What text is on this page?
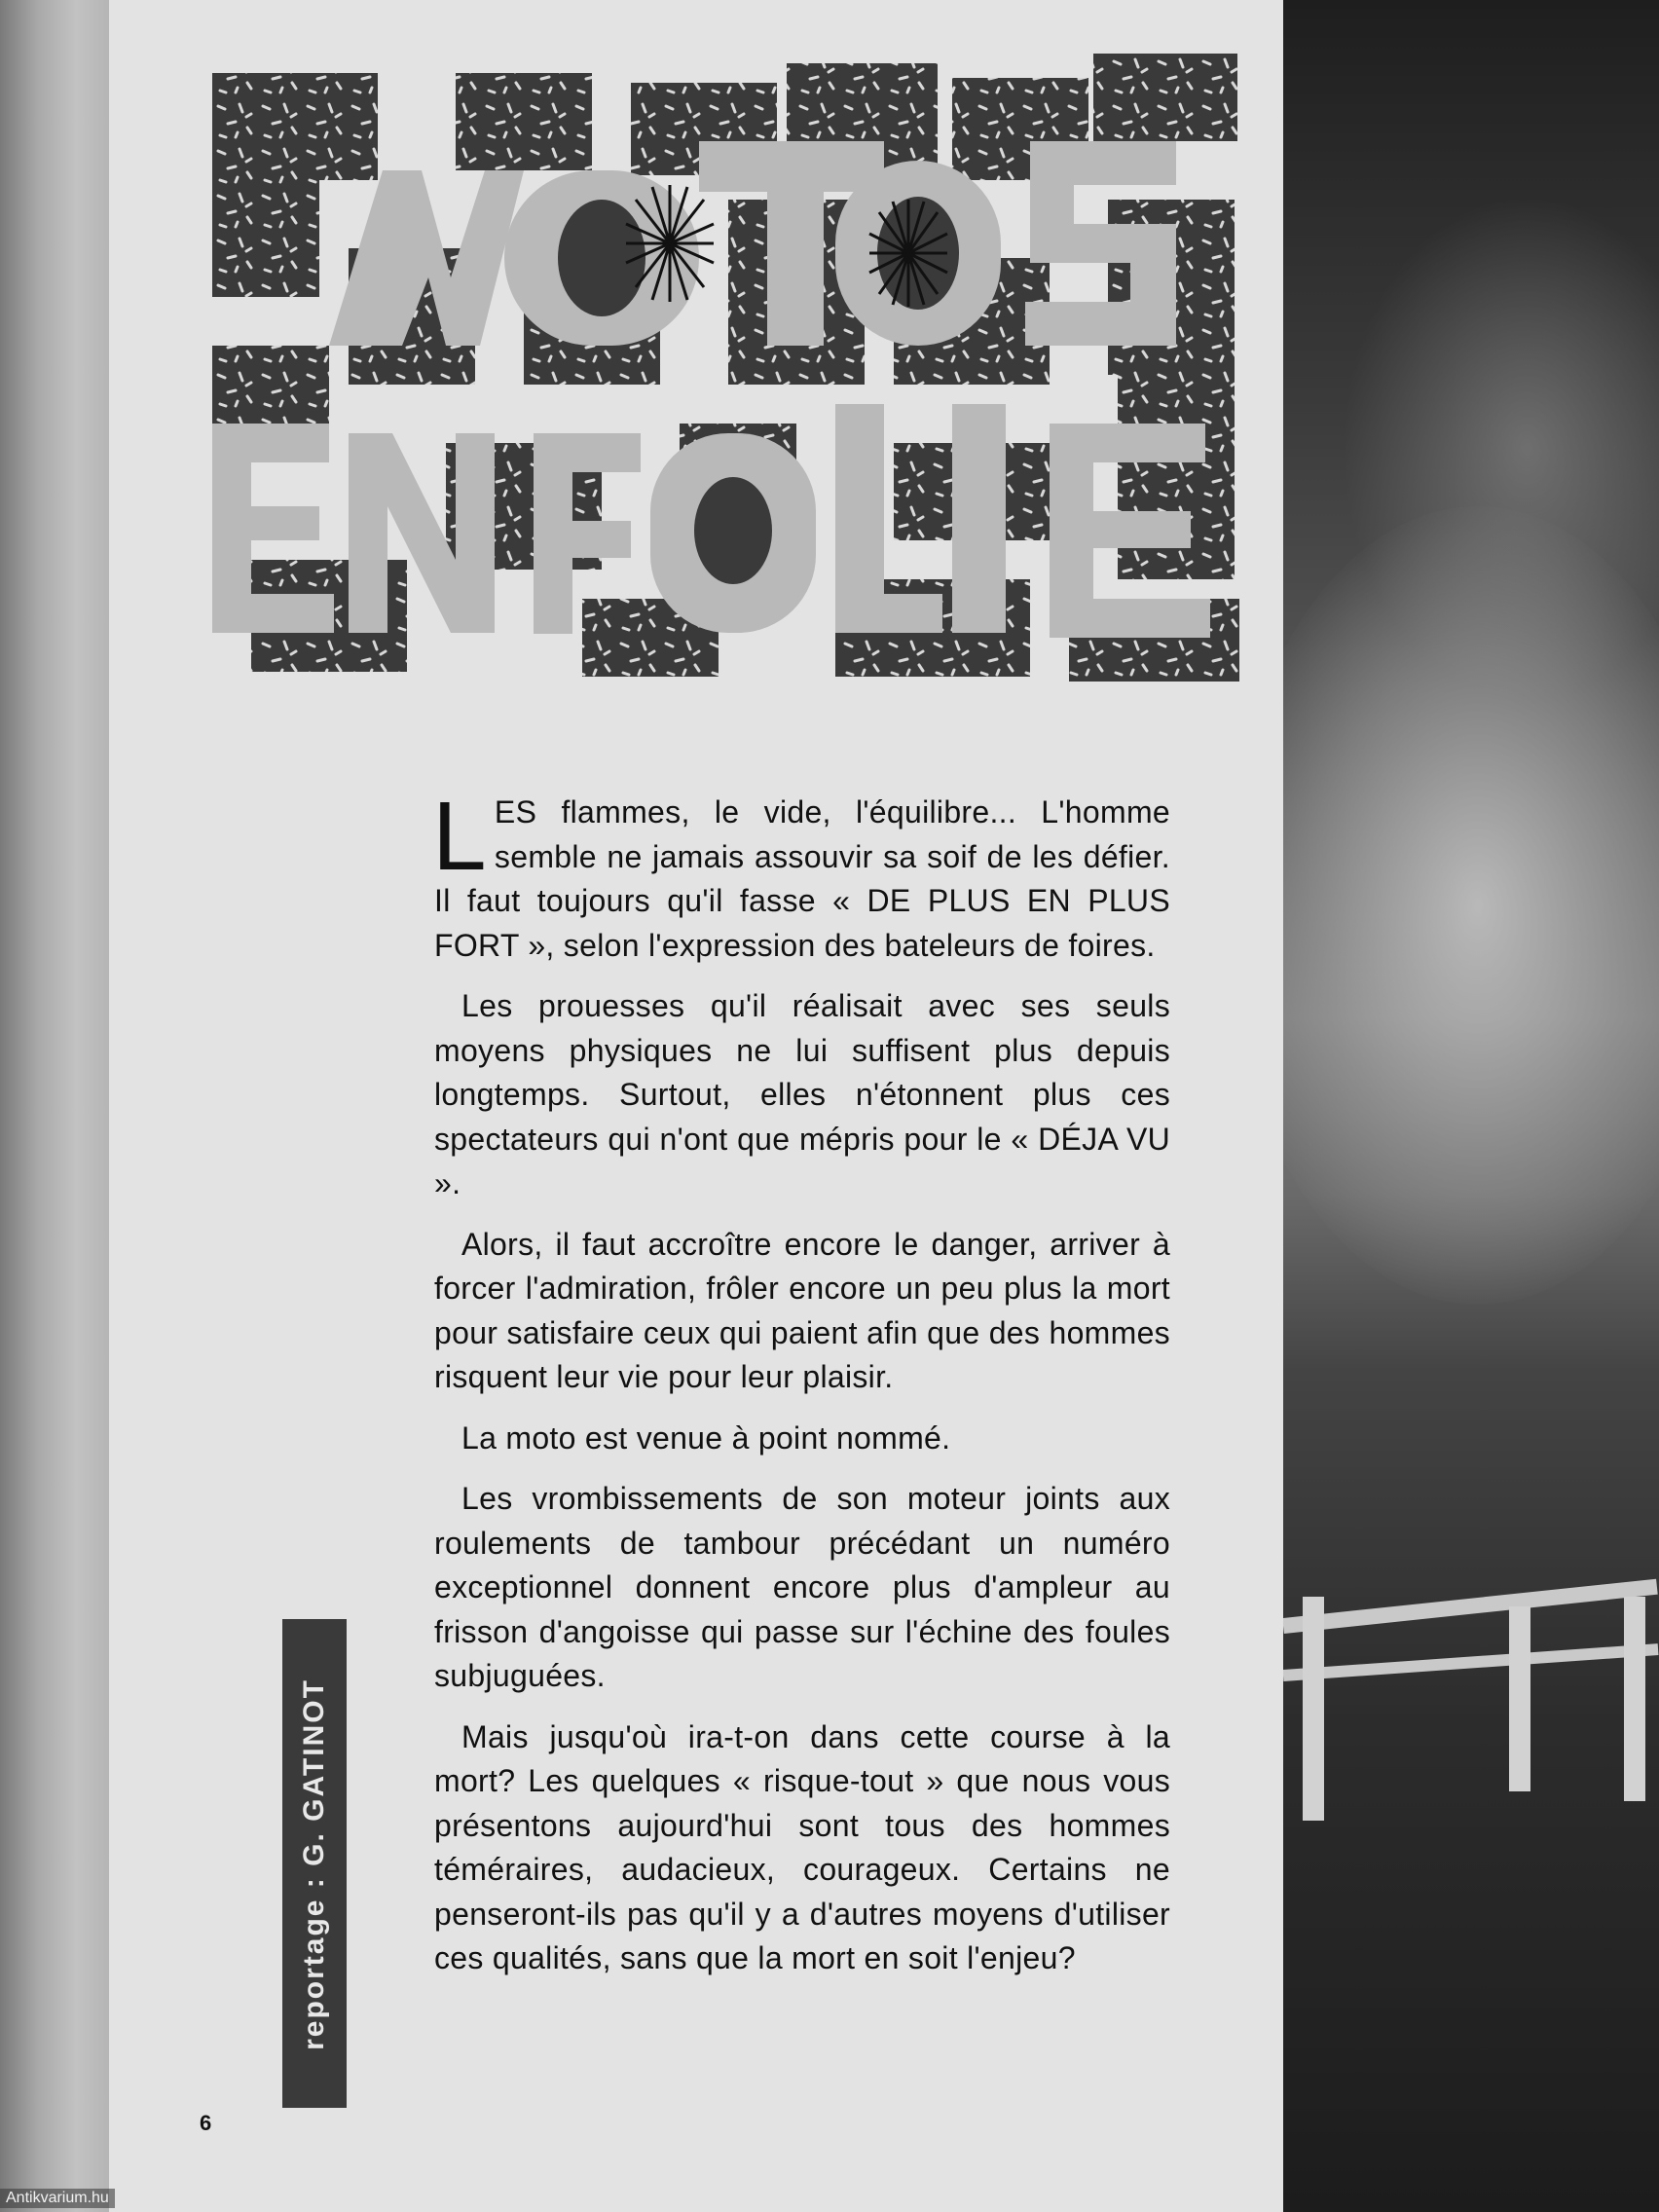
LES flammes, le vide, l'équilibre... L'homme semble ne jamais assouvir sa soif de les défier. Il faut toujours qu'il fasse « DE PLUS EN PLUS FORT », selon l'expression des bateleurs de foires.

Les prouesses qu'il réalisait avec ses seuls moyens physiques ne lui suffisent plus depuis longtemps. Surtout, elles n'étonnent plus ces spectateurs qui n'ont que mépris pour le « DÉJA VU ».

Alors, il faut accroître encore le danger, arriver à forcer l'admiration, frôler encore un peu plus la mort pour satisfaire ceux qui paient afin que des hommes risquent leur vie pour leur plaisir.

La moto est venue à point nommé.

Les vrombissements de son moteur joints aux roulements de tambour précédant un numéro exceptionnel donnent encore plus d'ampleur au frisson d'angoisse qui passe sur l'échine des foules subjuguées.

Mais jusqu'où ira-t-on dans cette course à la mort? Les quelques « risque-tout » que nous vous présentons aujourd'hui sont tous des hommes téméraires, audacieux, courageux. Certains ne penseront-ils pas qu'il y a d'autres moyens d'utiliser ces qualités, sans que la mort en soit l'enjeu?

reportage : G. GATINOT
6
Antikvarium.hu
